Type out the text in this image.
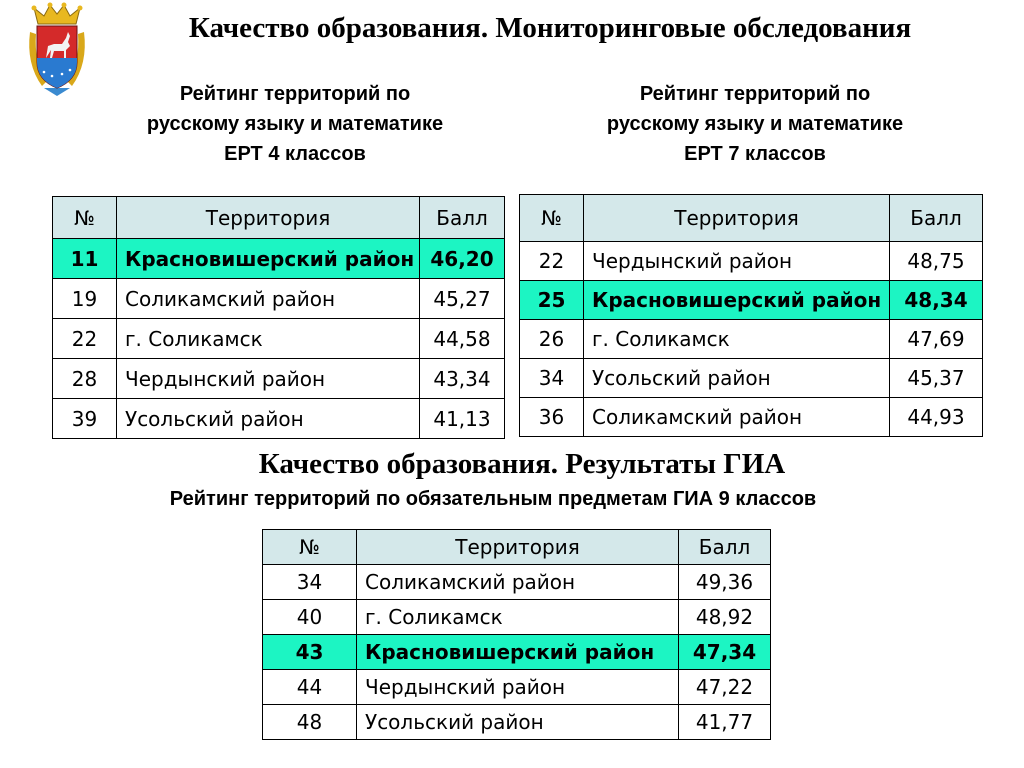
Качество образования. Мониторинговые обследования
Рейтинг территорий по
русскому языку и математике
ЕРТ 4 классов
Рейтинг территорий по
русскому языку и математике
ЕРТ 7 классов
№	Территория	Балл
11	Красновишерский район	46,20
19	Соликамский район	45,27
22	г. Соликамск	44,58
28	Чердынский район	43,34
39	Усольский район	41,13
№	Территория	Балл
22	Чердынский район	48,75
25	Красновишерский район	48,34
26	г. Соликамск	47,69
34	Усольский район	45,37
36	Соликамский район	44,93
Качество образования. Результаты ГИА
Рейтинг территорий по обязательным предметам ГИА 9 классов
№	Территория	Балл
34	Соликамский район	49,36
40	г. Соликамск	48,92
43	Красновишерский район	47,34
44	Чердынский район	47,22
48	Усольский район	41,77
